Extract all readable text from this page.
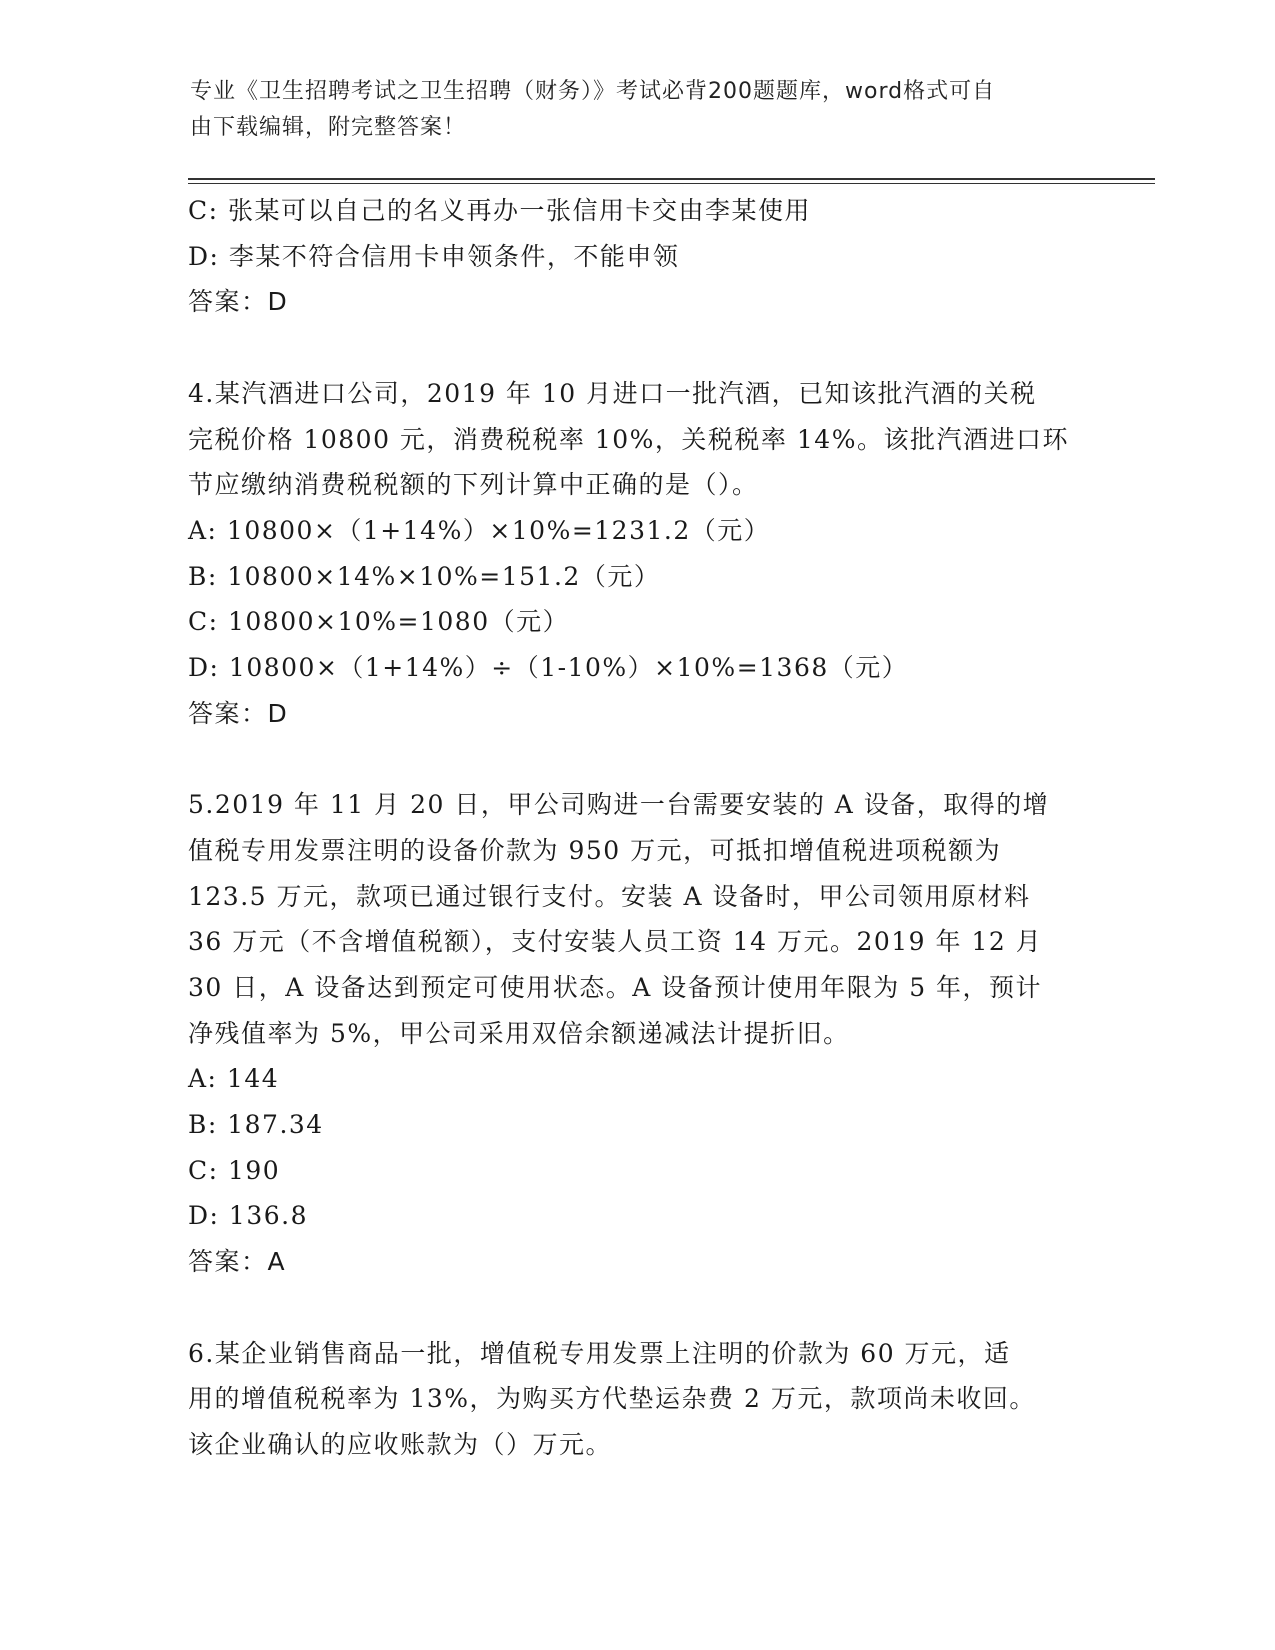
专业《卫生招聘考试之卫生招聘（财务）》考试必背200题题库，word格式可自
由下载编辑，附完整答案！
C: 张某可以自己的名义再办一张信用卡交由李某使用
D: 李某不符合信用卡申领条件，不能申领
答案：D
4.某汽酒进口公司，2019 年 10 月进口一批汽酒，已知该批汽酒的关税
完税价格 10800 元，消费税税率 10%，关税税率 14%。该批汽酒进口环
节应缴纳消费税税额的下列计算中正确的是（）。
A: 10800×（1+14%）×10%=1231.2（元）
B: 10800×14%×10%=151.2（元）
C: 10800×10%=1080（元）
D: 10800×（1+14%）÷（1-10%）×10%=1368（元）
答案：D
5.2019 年 11 月 20 日，甲公司购进一台需要安装的 A 设备，取得的增
值税专用发票注明的设备价款为 950 万元，可抵扣增值税进项税额为
123.5 万元，款项已通过银行支付。安装 A 设备时，甲公司领用原材料
36 万元（不含增值税额），支付安装人员工资 14 万元。2019 年 12 月
30 日，A 设备达到预定可使用状态。A 设备预计使用年限为 5 年，预计
净残值率为 5%，甲公司采用双倍余额递减法计提折旧。
A: 144
B: 187.34
C: 190
D: 136.8
答案：A
6.某企业销售商品一批，增值税专用发票上注明的价款为 60 万元，适
用的增值税税率为 13%，为购买方代垫运杂费 2 万元，款项尚未收回。
该企业确认的应收账款为（）万元。
